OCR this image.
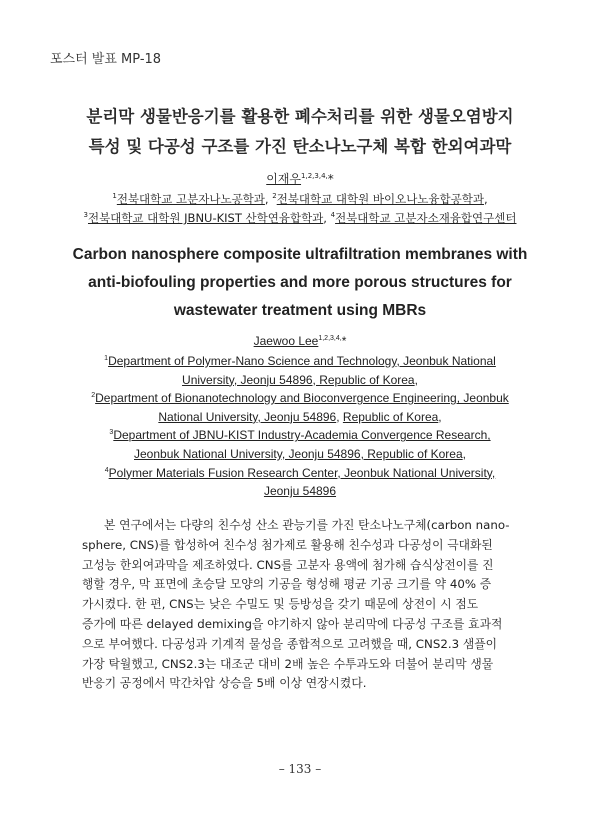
포스터 발표 MP-18
분리막 생물반응기를 활용한 폐수처리를 위한 생물오염방지
특성 및 다공성 구조를 가진 탄소나노구체 복합 한외여과막
이재우$^{1,2,3,4,}$*
$^1$전북대학교 고분자나노공학과, $^2$전북대학교 대학원 바이오나노융합공학과,
$^3$전북대학교 대학원 JBNU-KIST 산학연융합학과, $^4$전북대학교 고분자소재융합연구센터
Carbon nanosphere composite ultrafiltration membranes with
anti-biofouling properties and more porous structures for
wastewater treatment using MBRs
Jaewoo Lee$^{1,2,3,4,}$*
$^1$Department of Polymer-Nano Science and Technology, Jeonbuk National
University, Jeonju 54896, Republic of Korea,
$^2$Department of Bionanotechnology and Bioconvergence Engineering, Jeonbuk
National University, Jeonju 54896, Republic of Korea,
$^3$Department of JBNU-KIST Industry-Academia Convergence Research,
Jeonbuk National University, Jeonju 54896, Republic of Korea,
$^4$Polymer Materials Fusion Research Center, Jeonbuk National University,
Jeonju 54896
본 연구에서는 다량의 친수성 산소 관능기를 가진 탄소나노구체(carbon nano-
sphere, CNS)를 합성하여 친수성 첨가제로 활용해 친수성과 다공성이 극대화된
고성능 한외여과막을 제조하였다. CNS를 고분자 용액에 첨가해 습식상전이를 진
행할 경우, 막 표면에 초승달 모양의 기공을 형성해 평균 기공 크기를 약 40% 증
가시켰다. 한 편, CNS는 낮은 수밀도 및 등방성을 갖기 때문에 상전이 시 점도
증가에 따른 delayed demixing을 야기하지 않아 분리막에 다공성 구조를 효과적
으로 부여했다. 다공성과 기계적 물성을 종합적으로 고려했을 때, CNS2.3 샘플이
가장 탁월했고, CNS2.3는 대조군 대비 2배 높은 수투과도와 더불어 분리막 생물
반응기 공정에서 막간차압 상승을 5배 이상 연장시켰다.
– 133 –
